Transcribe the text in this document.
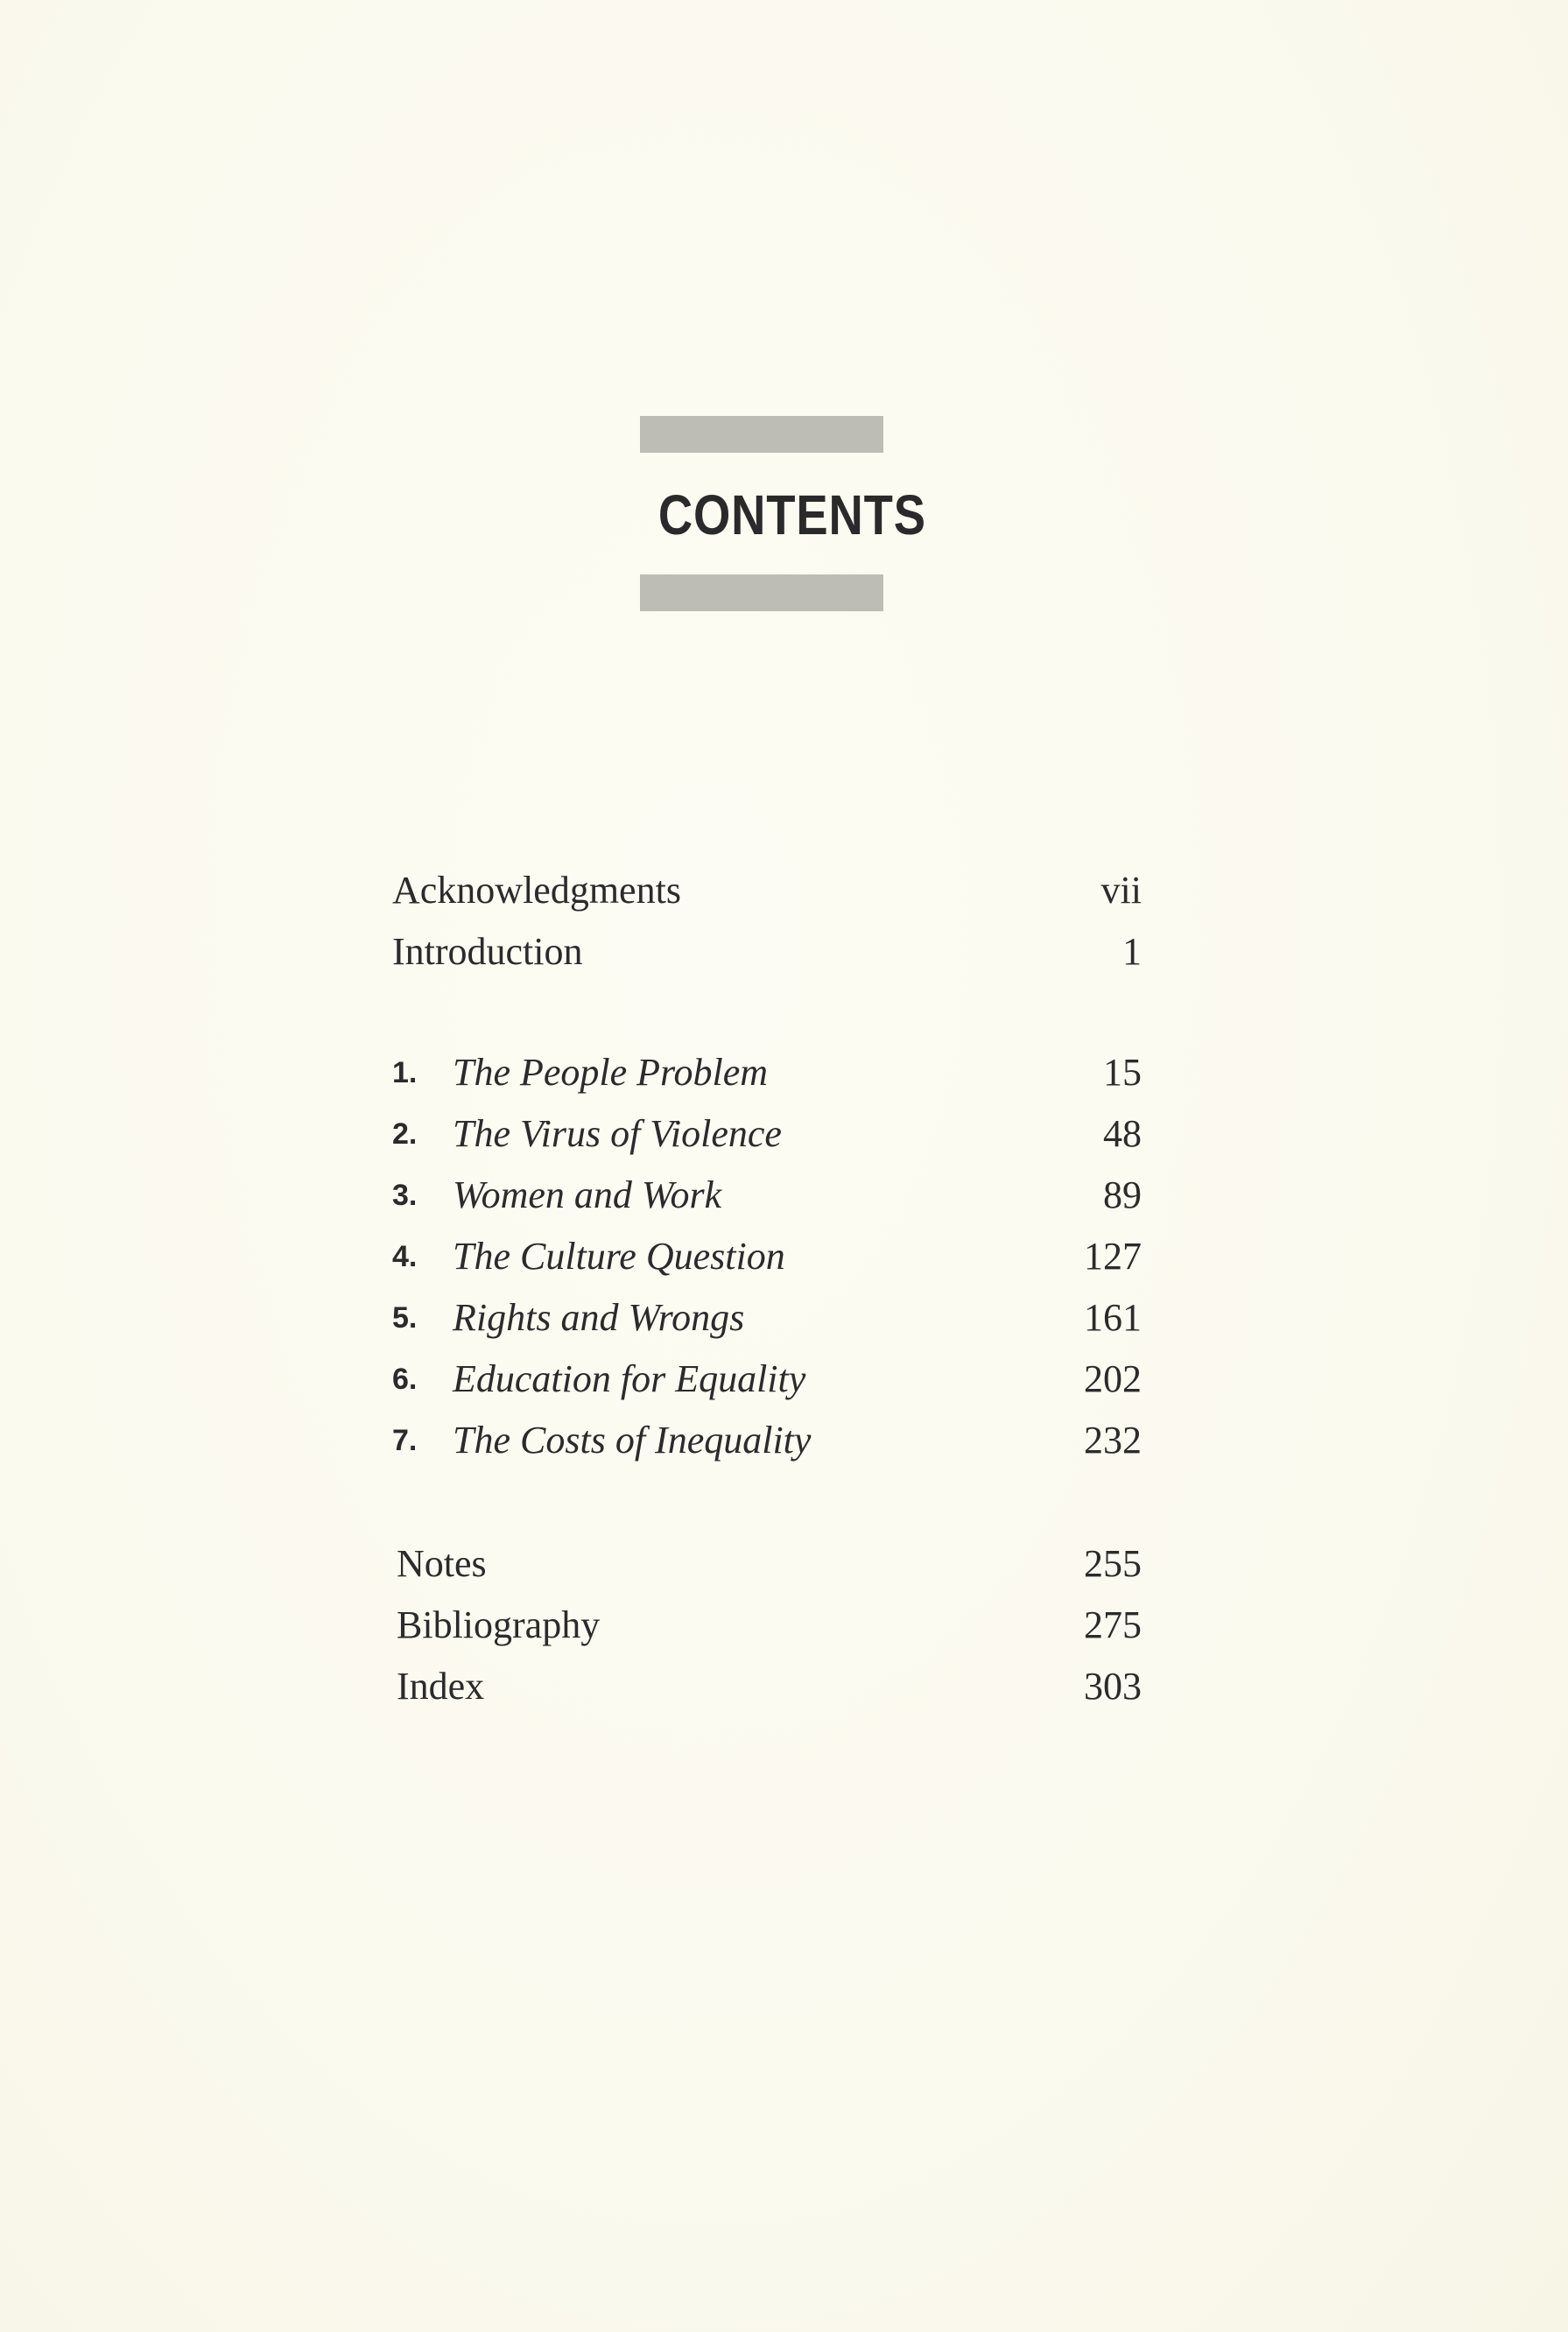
CONTENTS
Acknowledgments	vii
Introduction	1
1. The People Problem	15
2. The Virus of Violence	48
3. Women and Work	89
4. The Culture Question	127
5. Rights and Wrongs	161
6. Education for Equality	202
7. The Costs of Inequality	232
Notes	255
Bibliography	275
Index	303
